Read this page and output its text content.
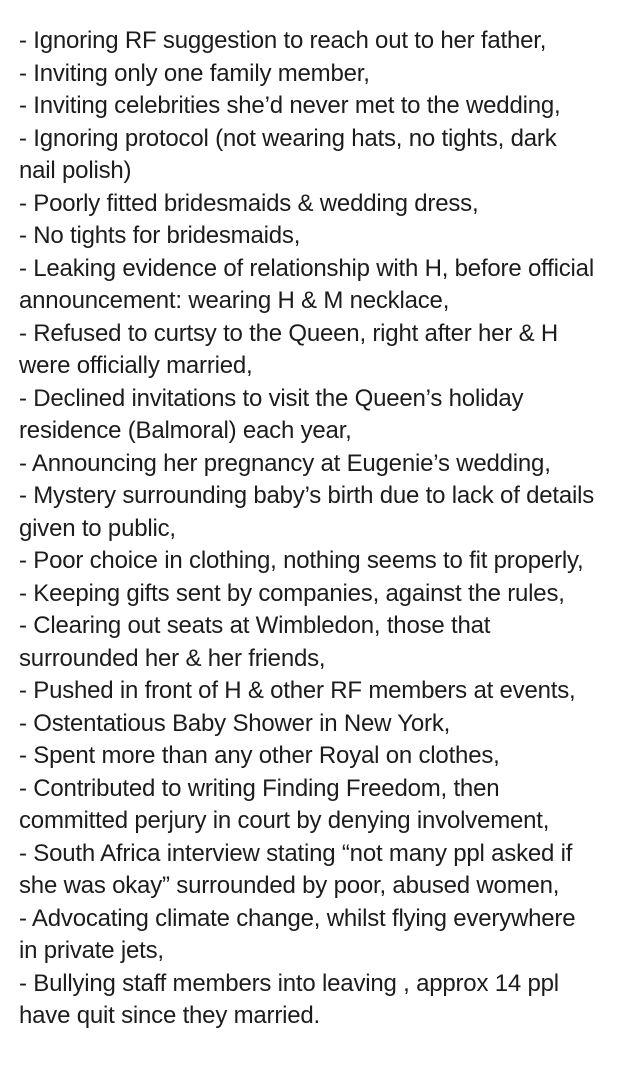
- Ignoring RF suggestion to reach out to her father,
- Inviting only one family member,
- Inviting celebrities she’d never met to the wedding,
- Ignoring protocol (not wearing hats, no tights, dark
nail polish)
- Poorly fitted bridesmaids & wedding dress,
- No tights for bridesmaids,
- Leaking evidence of relationship with H, before official
announcement: wearing H & M necklace,
- Refused to curtsy to the Queen, right after her & H
were officially married,
- Declined invitations to visit the Queen’s holiday
residence (Balmoral) each year,
- Announcing her pregnancy at Eugenie’s wedding,
- Mystery surrounding baby’s birth due to lack of details
given to public,
- Poor choice in clothing, nothing seems to fit properly,
- Keeping gifts sent by companies, against the rules,
- Clearing out seats at Wimbledon, those that
surrounded her & her friends,
- Pushed in front of H & other RF members at events,
- Ostentatious Baby Shower in New York,
- Spent more than any other Royal on clothes,
- Contributed to writing Finding Freedom, then
committed perjury in court by denying involvement,
- South Africa interview stating “not many ppl asked if
she was okay” surrounded by poor, abused women,
- Advocating climate change, whilst flying everywhere
in private jets,
- Bullying staff members into leaving , approx 14 ppl
have quit since they married.
